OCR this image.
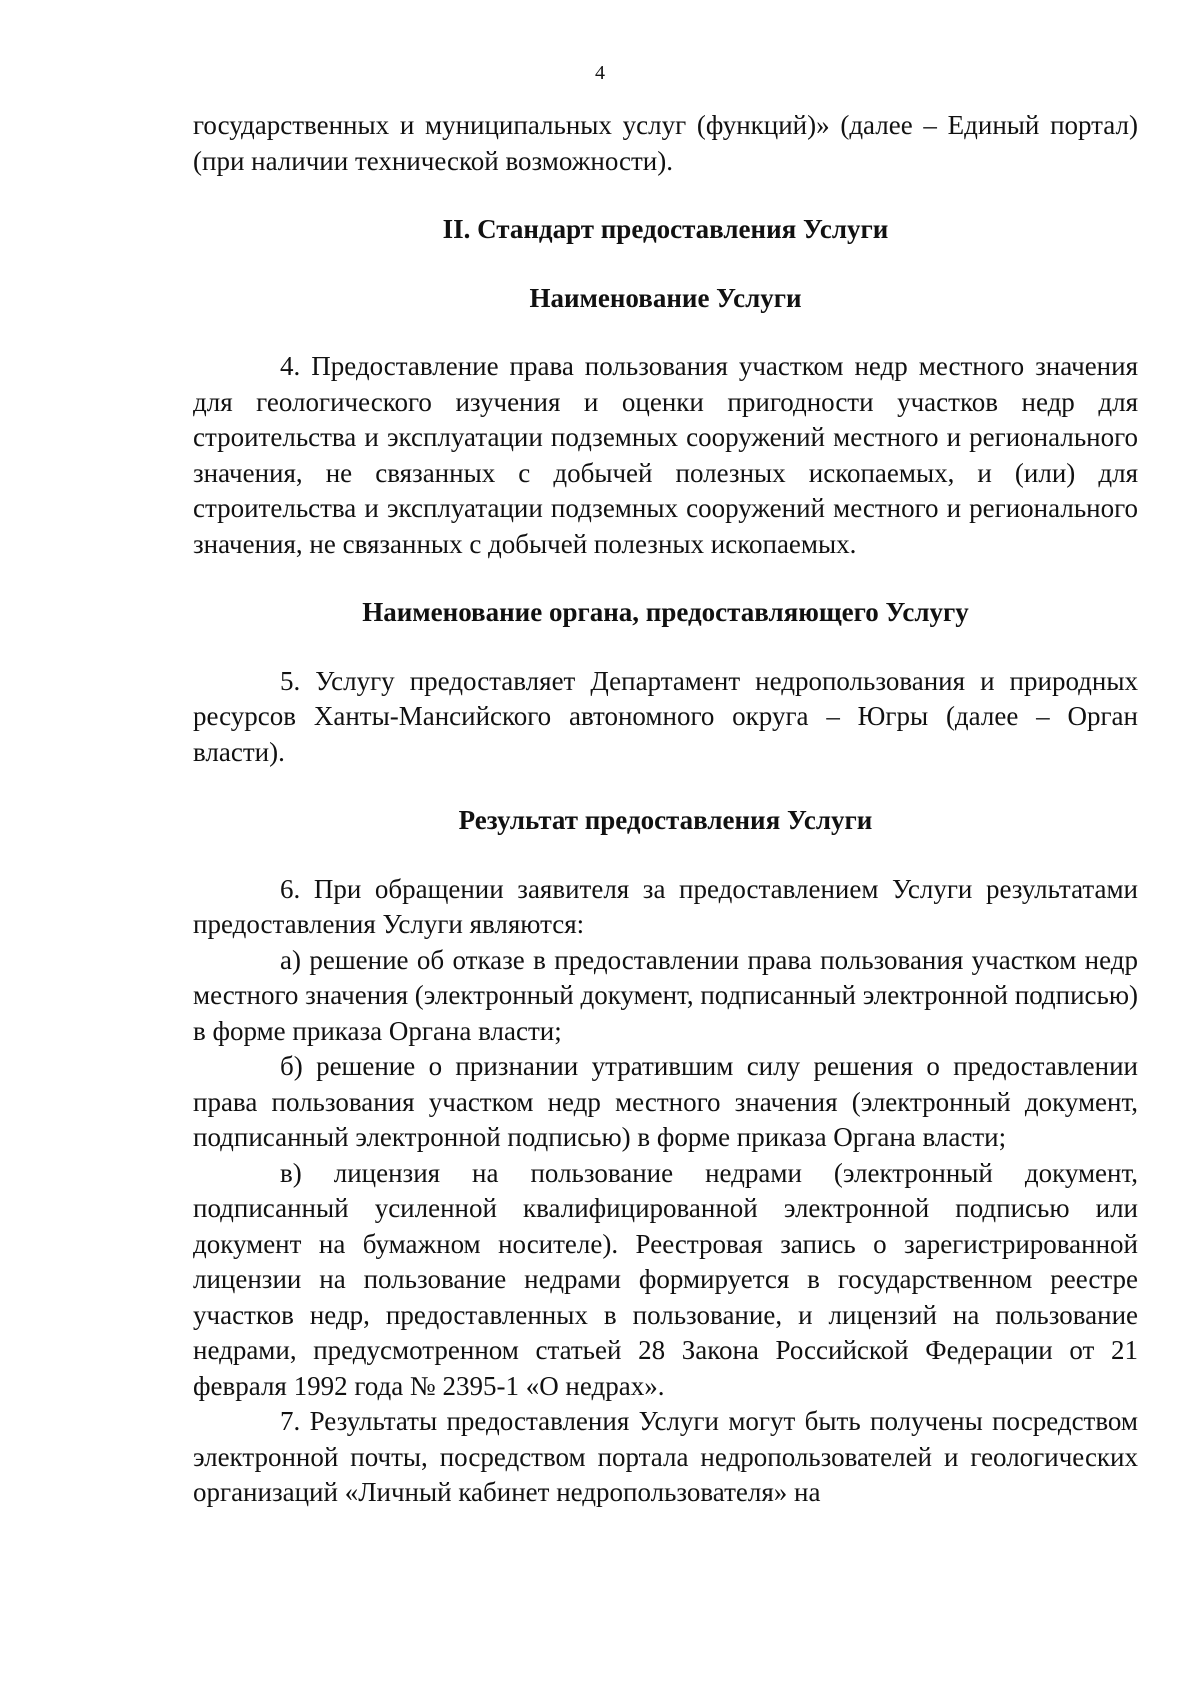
4

государственных и муниципальных услуг (функций)» (далее – Единый портал) (при наличии технической возможности).

II. Стандарт предоставления Услуги

Наименование Услуги

4. Предоставление права пользования участком недр местного значения для геологического изучения и оценки пригодности участков недр для строительства и эксплуатации подземных сооружений местного и регионального значения, не связанных с добычей полезных ископаемых, и (или) для строительства и эксплуатации подземных сооружений местного и регионального значения, не связанных с добычей полезных ископаемых.

Наименование органа, предоставляющего Услугу

5. Услугу предоставляет Департамент недропользования и природных ресурсов Ханты-Мансийского автономного округа – Югры (далее – Орган власти).

Результат предоставления Услуги

6. При обращении заявителя за предоставлением Услуги результатами предоставления Услуги являются:

а) решение об отказе в предоставлении права пользования участком недр местного значения (электронный документ, подписанный электронной подписью) в форме приказа Органа власти;

б) решение о признании утратившим силу решения о предоставлении права пользования участком недр местного значения (электронный документ, подписанный электронной подписью) в форме приказа Органа власти;

в) лицензия на пользование недрами (электронный документ, подписанный усиленной квалифицированной электронной подписью или документ на бумажном носителе). Реестровая запись о зарегистрированной лицензии на пользование недрами формируется в государственном реестре участков недр, предоставленных в пользование, и лицензий на пользование недрами, предусмотренном статьей 28 Закона Российской Федерации от 21 февраля 1992 года № 2395-1 «О недрах».

7. Результаты предоставления Услуги могут быть получены посредством электронной почты, посредством портала недропользователей и геологических организаций «Личный кабинет недропользователя» на
